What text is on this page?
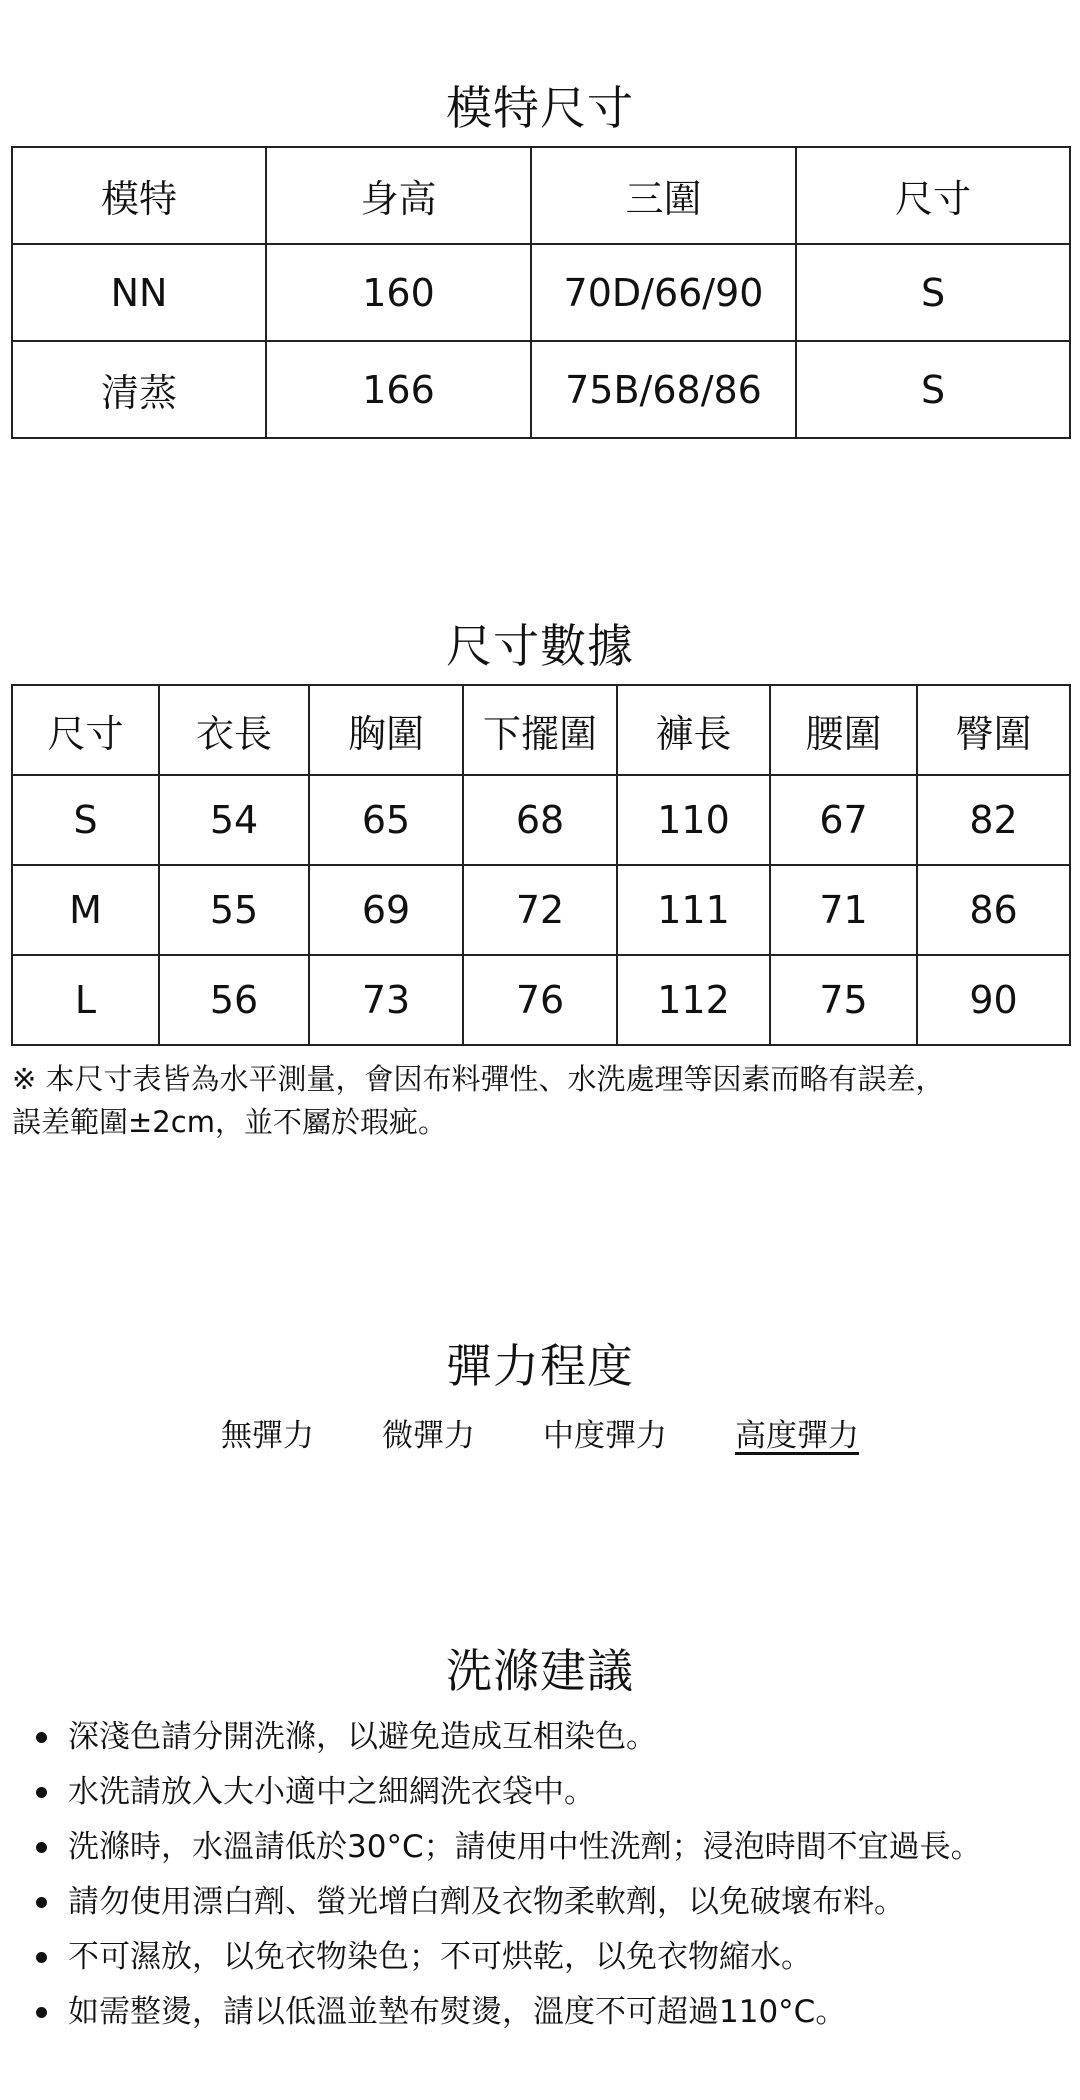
模特尺寸
模特	身高	三圍	尺寸
NN	160	70D/66/90	S
清蒸	166	75B/68/86	S
尺寸數據
尺寸	衣長	胸圍	下擺圍	褲長	腰圍	臀圍
S	54	65	68	110	67	82
M	55	69	72	111	71	86
L	56	73	76	112	75	90
※ 本尺寸表皆為水平測量，會因布料彈性、水洗處理等因素而略有誤差，
誤差範圍±2cm，並不屬於瑕疵。
彈力程度
無彈力 微彈力 中度彈力 高度彈力
洗滌建議
深淺色請分開洗滌，以避免造成互相染色。
水洗請放入大小適中之細網洗衣袋中。
洗滌時，水溫請低於30°C；請使用中性洗劑；浸泡時間不宜過長。
請勿使用漂白劑、螢光增白劑及衣物柔軟劑，以免破壞布料。
不可濕放，以免衣物染色；不可烘乾，以免衣物縮水。
如需整燙，請以低溫並墊布熨燙，溫度不可超過110°C。
